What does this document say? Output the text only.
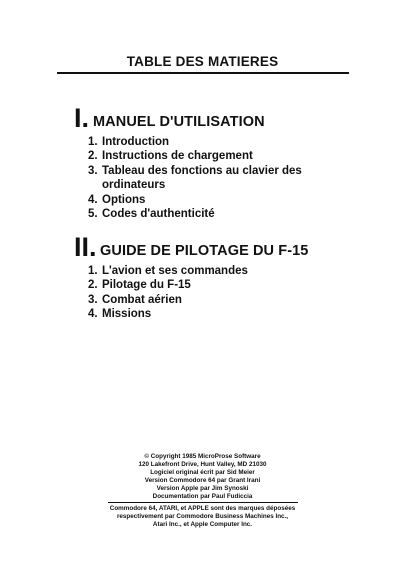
TABLE DES MATIERES
I. MANUEL D'UTILISATION
1. Introduction
2. Instructions de chargement
3. Tableau des fonctions au clavier des ordinateurs
4. Options
5. Codes d'authenticité
II. GUIDE DE PILOTAGE DU F-15
1. L'avion et ses commandes
2. Pilotage du F-15
3. Combat aérien
4. Missions
© Copyright 1985 MicroProse Software
120 Lakefront Drive, Hunt Valley, MD 21030
Logiciel original écrit par Sid Meier
Version Commodore 64 par Grant Irani
Version Apple par Jim Synoski
Documentation par Paul Fudiccia
Commodore 64, ATARI, et APPLE sont des marques déposées
respectivement par Commodore Business Machines Inc.,
Atari Inc., et Apple Computer Inc.
